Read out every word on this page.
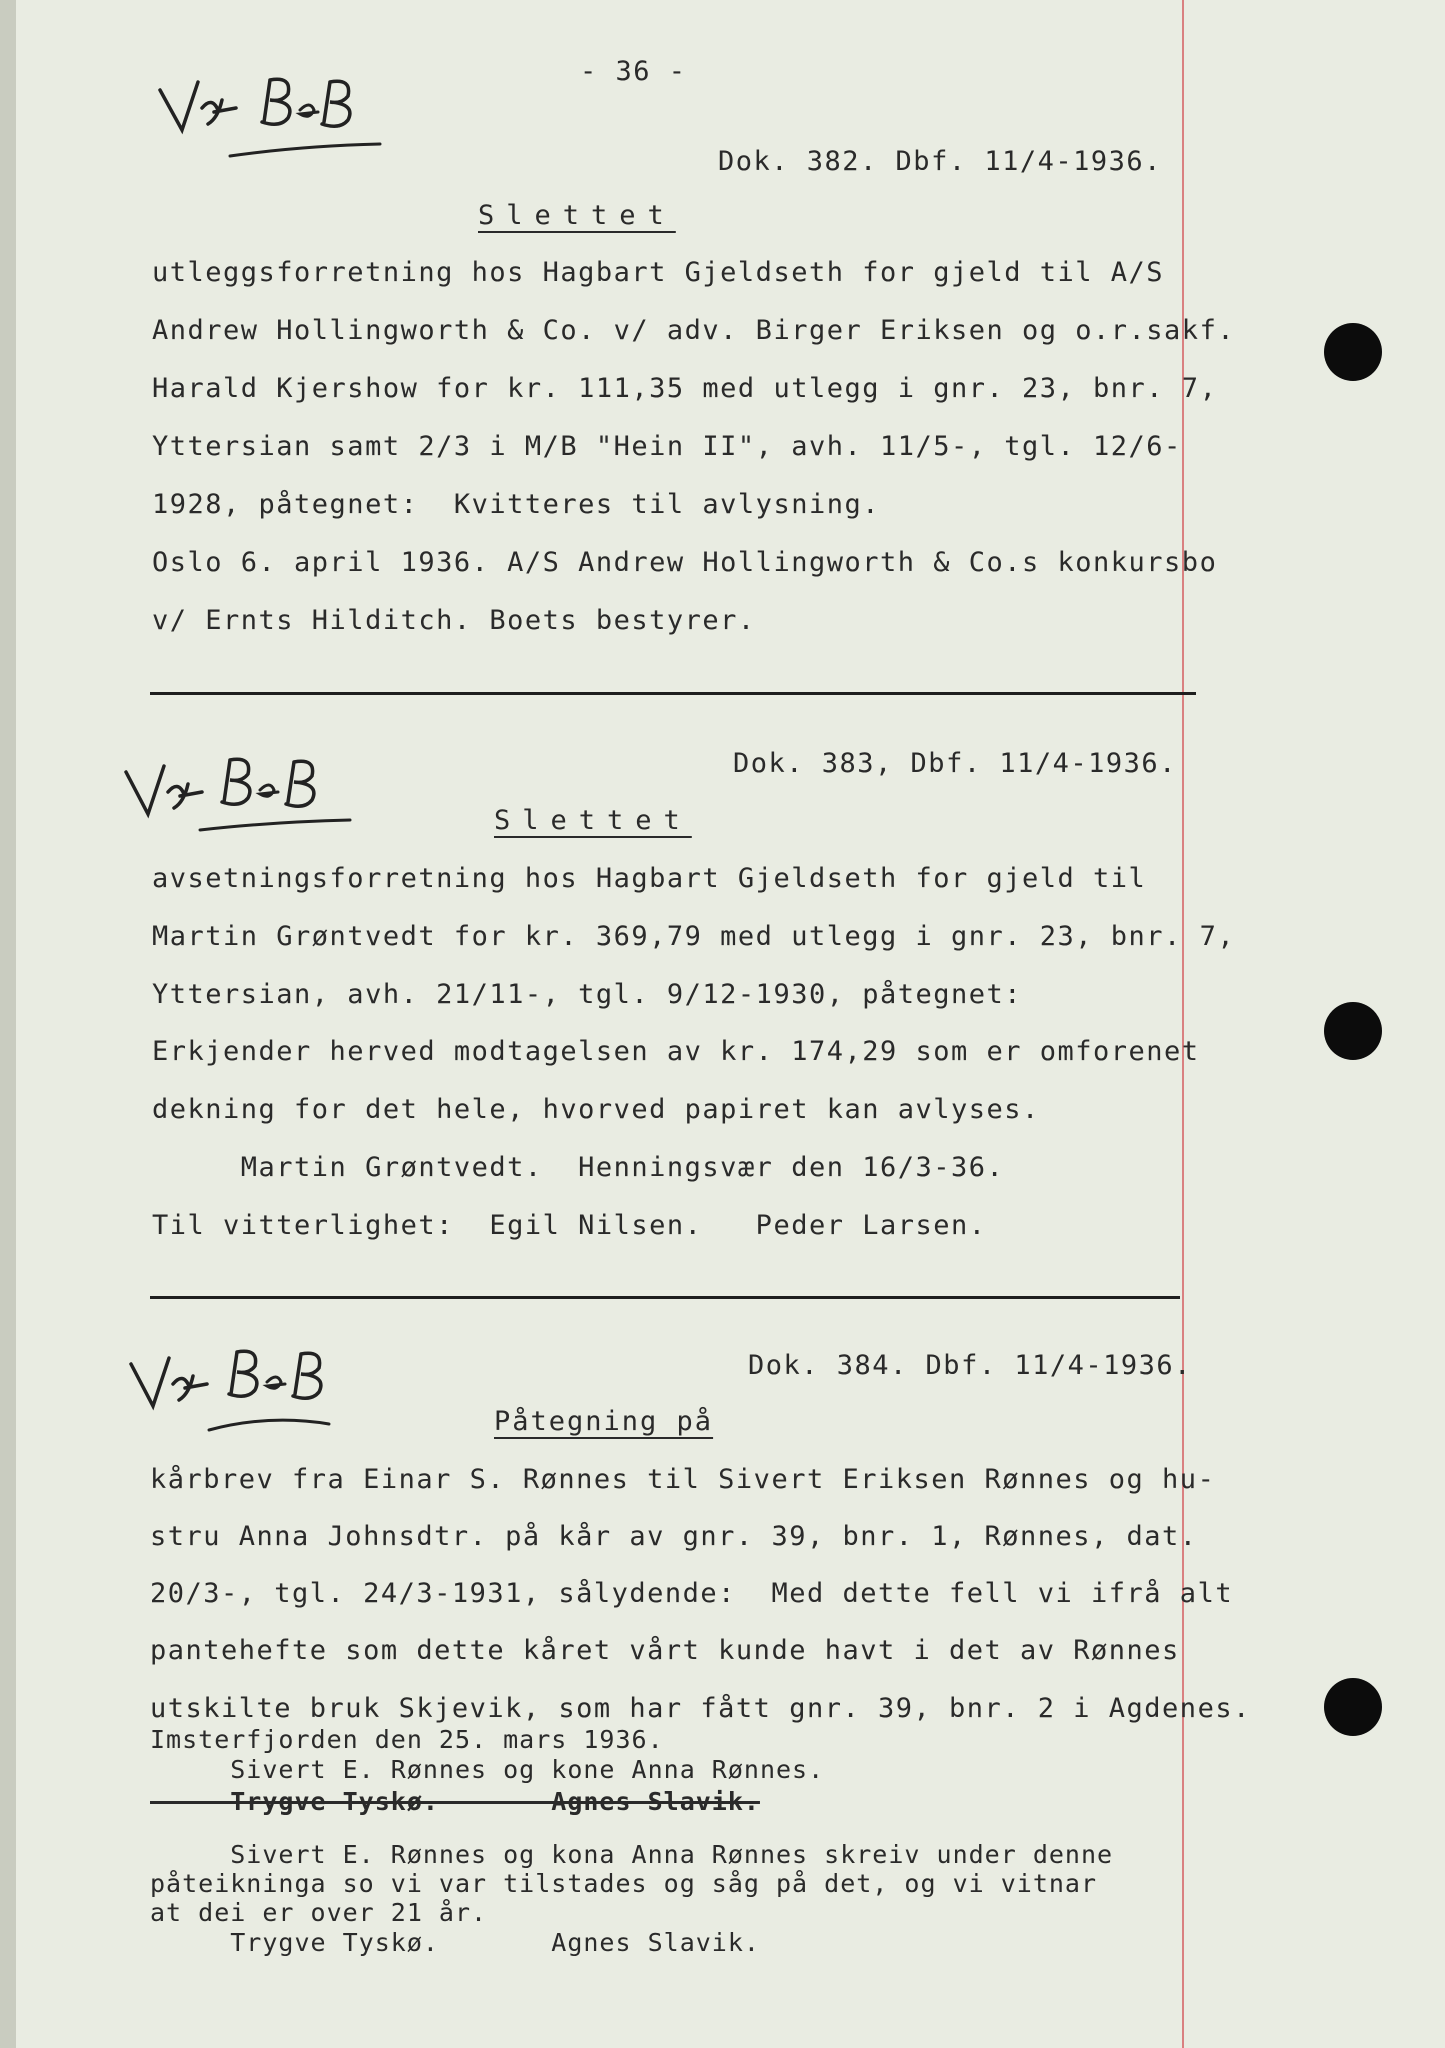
- 36 -
Dok. 382. Dbf. 11/4-1936.
Slettet
utleggsforretning hos Hagbart Gjeldseth for gjeld til A/S
Andrew Hollingworth & Co. v/ adv. Birger Eriksen og o.r.sakf.
Harald Kjershow for kr. 111,35 med utlegg i gnr. 23, bnr. 7,
Yttersian samt 2/3 i M/B "Hein II", avh. 11/5-, tgl. 12/6-
1928, påtegnet:  Kvitteres til avlysning.
Oslo 6. april 1936. A/S Andrew Hollingworth & Co.s konkursbo
v/ Ernts Hilditch. Boets bestyrer.
Dok. 383, Dbf. 11/4-1936.
Slettet
avsetningsforretning hos Hagbart Gjeldseth for gjeld til
Martin Grøntvedt for kr. 369,79 med utlegg i gnr. 23, bnr. 7,
Yttersian, avh. 21/11-, tgl. 9/12-1930, påtegnet:
Erkjender herved modtagelsen av kr. 174,29 som er omforenet
dekning for det hele, hvorved papiret kan avlyses.
Martin Grøntvedt.  Henningsvær den 16/3-36.
Til vitterlighet:  Egil Nilsen.   Peder Larsen.
Dok. 384. Dbf. 11/4-1936.
Påtegning på
kårbrev fra Einar S. Rønnes til Sivert Eriksen Rønnes og hu-
stru Anna Johnsdtr. på kår av gnr. 39, bnr. 1, Rønnes, dat.
20/3-, tgl. 24/3-1931, sålydende:  Med dette fell vi ifrå alt
pantehefte som dette kåret vårt kunde havt i det av Rønnes
utskilte bruk Skjevik, som har fått gnr. 39, bnr. 2 i Agdenes.
Imsterfjorden den 25. mars 1936.
Sivert E. Rønnes og kone Anna Rønnes.
Trygve Tyskø.       Agnes Slavik.
Sivert E. Rønnes og kona Anna Rønnes skreiv under denne
påteikninga so vi var tilstades og såg på det, og vi vitnar
at dei er over 21 år.
Trygve Tyskø.       Agnes Slavik.
